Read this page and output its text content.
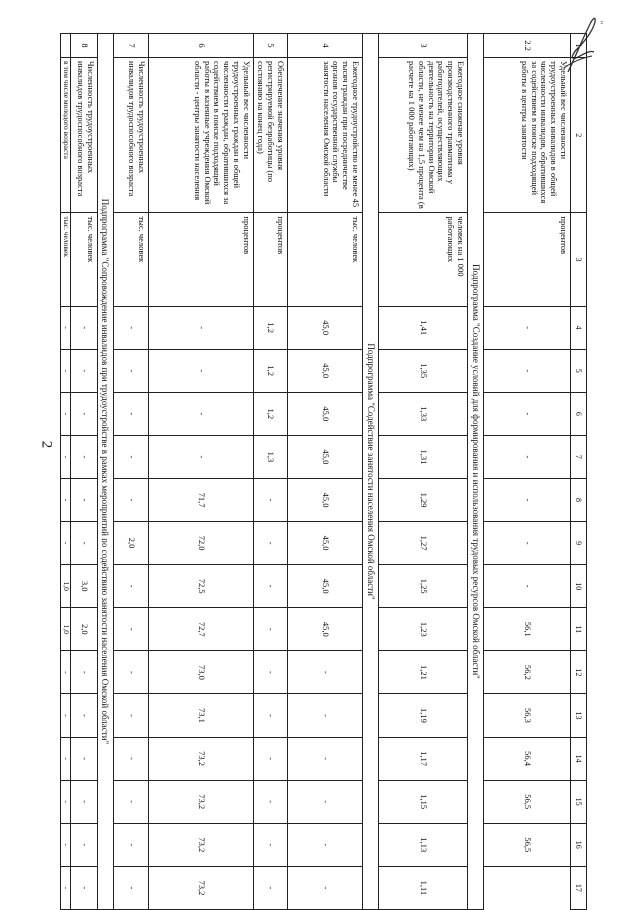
2
"
1	2	3	4	5	6	7	8	9	10	11	12	13	14	15	16	17
2.2	Удельный вес численности трудоустроенных инвалидов в общей численности инвалидов, обратившихся за содействием в поиске подходящей работы в центры занятости	процентов	-	-	-	-	-	-	-	56,1	56,2	56,3	56,4	56,5	56,5	
Подпрограмма "Создание условий для формирования и использования трудовых ресурсов Омской области"																
3	Ежегодное снижение уровня производственного травматизма у работодателей, осуществляющих деятельность на территории Омской области, не менее чем на 1,5 процента (в расчете на 1 000 работающих)	человек на 1 000 работающих	1,41	1,35	1,33	1,31	1,29	1,27	1,25	1,23	1,21	1,19	1,17	1,15	1,13	1,11
Подпрограмма "Содействие занятости населения Омской области"																
4	Ежегодное трудоустройство не менее 45 тысяч граждан при посредничестве органов государственной службы занятости населения Омской области	тыс. человек	45,0	45,0	45,0	45,0	45,0	45,0	45,0	45,0	-	-	-	-	-	-
5	Обеспечение значения уровня регистрируемой безработицы (по состоянию на конец года)	процентов	1,2	1,2	1,2	1,3	-	-	-	-	-	-	-	-	-	-
6	Удельный вес численности трудоустроенных граждан в общей численности граждан, обратившихся за содействием в поиске подходящей работы в казенные учреждения Омской области - центры занятости населения	процентов	-	-	-	-	71,7	72,0	72,5	72,7	73,0	73,1	73,2	73,2	73,2	73,2
7	Численность трудоустроенных инвалидов трудоспособного возраста	тыс. человек	-	-	-	-	-	2,0	-	-	-	-	-	-	-	-
Подпрограмма "Сопровождение инвалидов при трудоустройстве в рамках мероприятий по содействию занятости населения Омской области"																
8	Численность трудоустроенных инвалидов трудоспособного возраста	тыс. человек	-	-	-	-	-	-	3,0	2,0	-	-	-	-	-	-
	в том числе молодого возраста	тыс. человек	-	-	-	-	-	-	1,0	1,0	-	-	-	-	-	-
